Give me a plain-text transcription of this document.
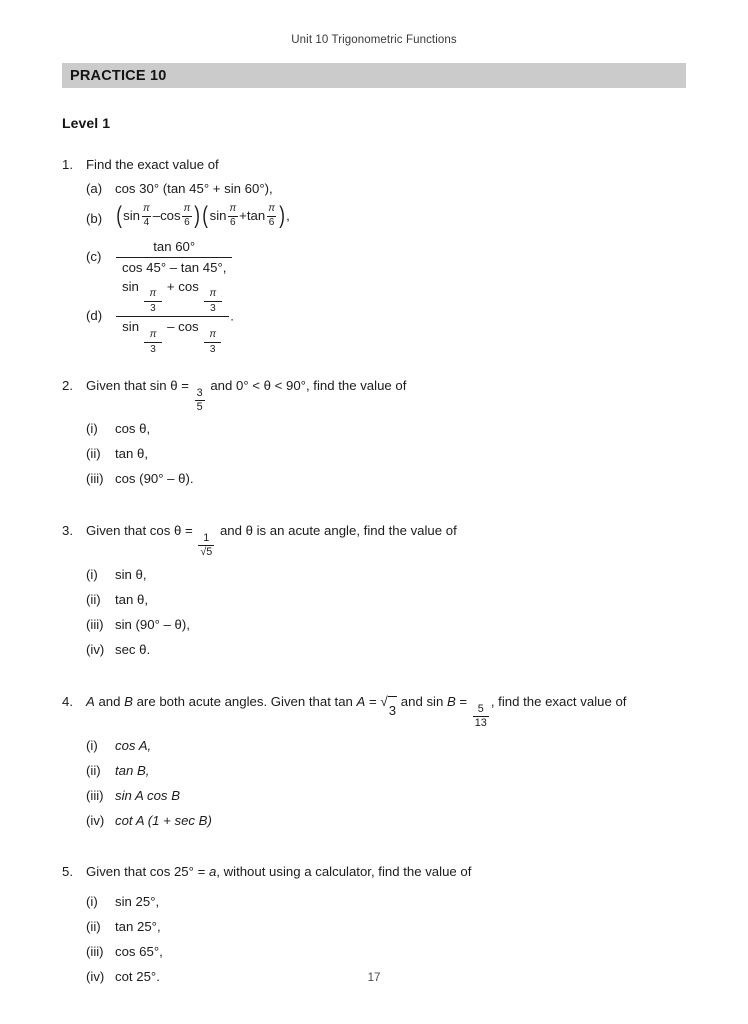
Unit 10 Trigonometric Functions
PRACTICE 10
Level 1
1. Find the exact value of
(a) cos 30° (tan 45° + sin 60°),
(b) ( $\sin \frac{\pi}{4}$ – $\cos \frac{\pi}{6}$ ) ( $\sin \frac{\pi}{6} + \tan \frac{\pi}{6}$ ) ,
(c)	$\frac{\tan 60^\circ}{\cos 45^\circ - \tan 45^\circ,}$
(d)
sin
$\frac{\pi}{3}$
+ cos
$\frac{\pi}{3}$
sin
$\frac{\pi}{3}$
– cos
$\frac{\pi}{3}$
.
2. Given that sin θ =
$\frac{3}{5}$
and 0° < θ < 90°, find the value of
(i)	cos θ,
(ii)	tan θ,
(iii) cos (90° – θ).
3. Given that cos θ =
$\frac{1}{√5}$
and θ is an acute angle, find the value of
(i)	sin θ,
(ii)	tan θ,
(iii) sin (90° – θ),
(iv) sec θ.
4. A and B are both acute angles. Given that tan A = √
3
and sin B =
$\frac{5}{13}$
, find the exact value of
(i)	cos A,
(ii)	tan B,
(iii) sin A cos B
(iv) cot A (1 + sec B)
5. Given that cos 25° = a, without using a calculator, find the value of
(i)	sin 25°,
(ii)	tan 25°,
(iii) cos 65°,
(iv) cot 25°.	17
